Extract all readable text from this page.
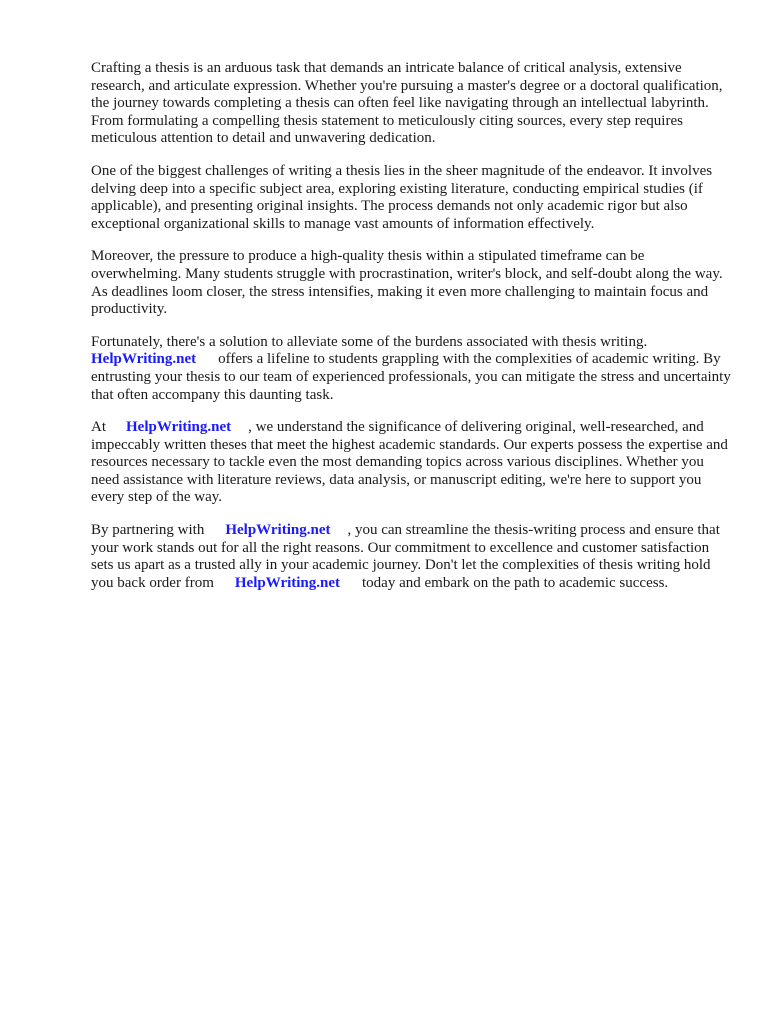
Crafting a thesis is an arduous task that demands an intricate balance of critical analysis, extensive research, and articulate expression. Whether you're pursuing a master's degree or a doctoral qualification, the journey towards completing a thesis can often feel like navigating through an intellectual labyrinth. From formulating a compelling thesis statement to meticulously citing sources, every step requires meticulous attention to detail and unwavering dedication.

One of the biggest challenges of writing a thesis lies in the sheer magnitude of the endeavor. It involves delving deep into a specific subject area, exploring existing literature, conducting empirical studies (if applicable), and presenting original insights. The process demands not only academic rigor but also exceptional organizational skills to manage vast amounts of information effectively.

Moreover, the pressure to produce a high-quality thesis within a stipulated timeframe can be overwhelming. Many students struggle with procrastination, writer's block, and self-doubt along the way. As deadlines loom closer, the stress intensifies, making it even more challenging to maintain focus and productivity.

Fortunately, there's a solution to alleviate some of the burdens associated with thesis writing.
HelpWriting.net offers a lifeline to students grappling with the complexities of academic writing. By entrusting your thesis to our team of experienced professionals, you can mitigate the stress and uncertainty that often accompany this daunting task.

At HelpWriting.net , we understand the significance of delivering original, well-researched, and impeccably written theses that meet the highest academic standards. Our experts possess the expertise and resources necessary to tackle even the most demanding topics across various disciplines. Whether you need assistance with literature reviews, data analysis, or manuscript editing, we're here to support you every step of the way.

By partnering with HelpWriting.net , you can streamline the thesis-writing process and ensure that your work stands out for all the right reasons. Our commitment to excellence and customer satisfaction sets us apart as a trusted ally in your academic journey. Don't let the complexities of thesis writing hold you back order from HelpWriting.net today and embark on the path to academic success.
